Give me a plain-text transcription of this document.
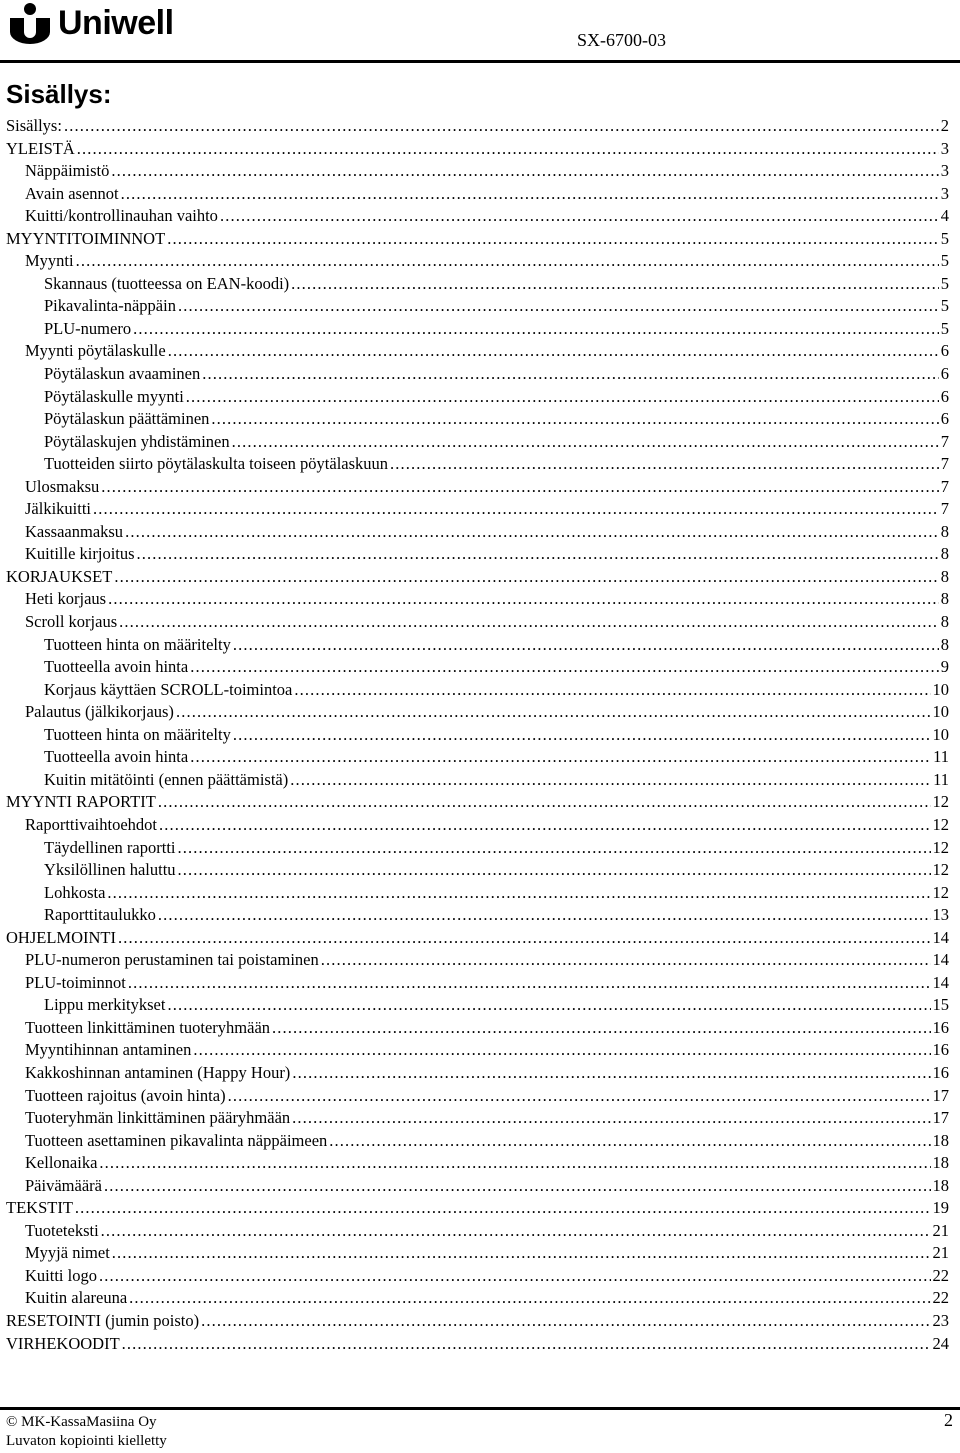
Uniwell	SX-6700-03
Sisällys:
Sisällys: . . .	2
YLEISTÄ . . .	3
Näppäimistö . . .	3
Avain asennot . . .	3
Kuitti/kontrollinauhan vaihto . . .	4
MYYNTITOIMINNOT . . .	5
Myynti . . .	5
Skannaus (tuotteessa on EAN-koodi) . . .	5
Pikavalinta-näppäin . . .	5
PLU-numero . . .	5
Myynti pöytälaskulle . . .	6
Pöytälaskun avaaminen . . .	6
Pöytälaskulle myynti . . .	6
Pöytälaskun päättäminen . . .	6
Pöytälaskujen yhdistäminen . . .	7
Tuotteiden siirto pöytälaskulta toiseen pöytälaskuun . . .	7
Ulosmaksu . . .	7
Jälkikuitti . . .	7
Kassaanmaksu . . .	8
Kuitille kirjoitus . . .	8
KORJAUKSET . . .	8
Heti korjaus . . .	8
Scroll korjaus . . .	8
Tuotteen hinta on määritelty . . .	8
Tuotteella avoin hinta . . .	9
Korjaus käyttäen SCROLL-toimintoa . . .	10
Palautus (jälkikorjaus) . . .	10
Tuotteen hinta on määritelty . . .	10
Tuotteella avoin hinta . . .	11
Kuitin mitätöinti (ennen päättämistä) . . .	11
MYYNTI RAPORTIT . . .	12
Raporttivaihtoehdot . . .	12
Täydellinen raportti . . .	12
Yksilöllinen haluttu . . .	12
Lohkosta . . .	12
Raporttitaulukko . . .	13
OHJELMOINTI . . .	14
PLU-numeron perustaminen tai poistaminen . . .	14
PLU-toiminnot . . .	14
Lippu merkitykset . . .	15
Tuotteen linkittäminen tuoteryhmään . . .	16
Myyntihinnan antaminen . . .	16
Kakkoshinnan antaminen (Happy Hour) . . .	16
Tuotteen rajoitus (avoin hinta) . . .	17
Tuoteryhmän linkittäminen pääryhmään . . .	17
Tuotteen asettaminen pikavalinta näppäimeen . . .	18
Kellonaika . . .	18
Päivämäärä . . .	18
TEKSTIT . . .	19
Tuoteteksti . . .	21
Myyjä nimet . . .	21
Kuitti logo . . .	22
Kuitin alareuna . . .	22
RESETOINTI (jumin poisto) . . .	23
VIRHEKOODIT . . .	24
© MK-KassaMasiina Oy
Luvaton kopiointi kielletty
2
